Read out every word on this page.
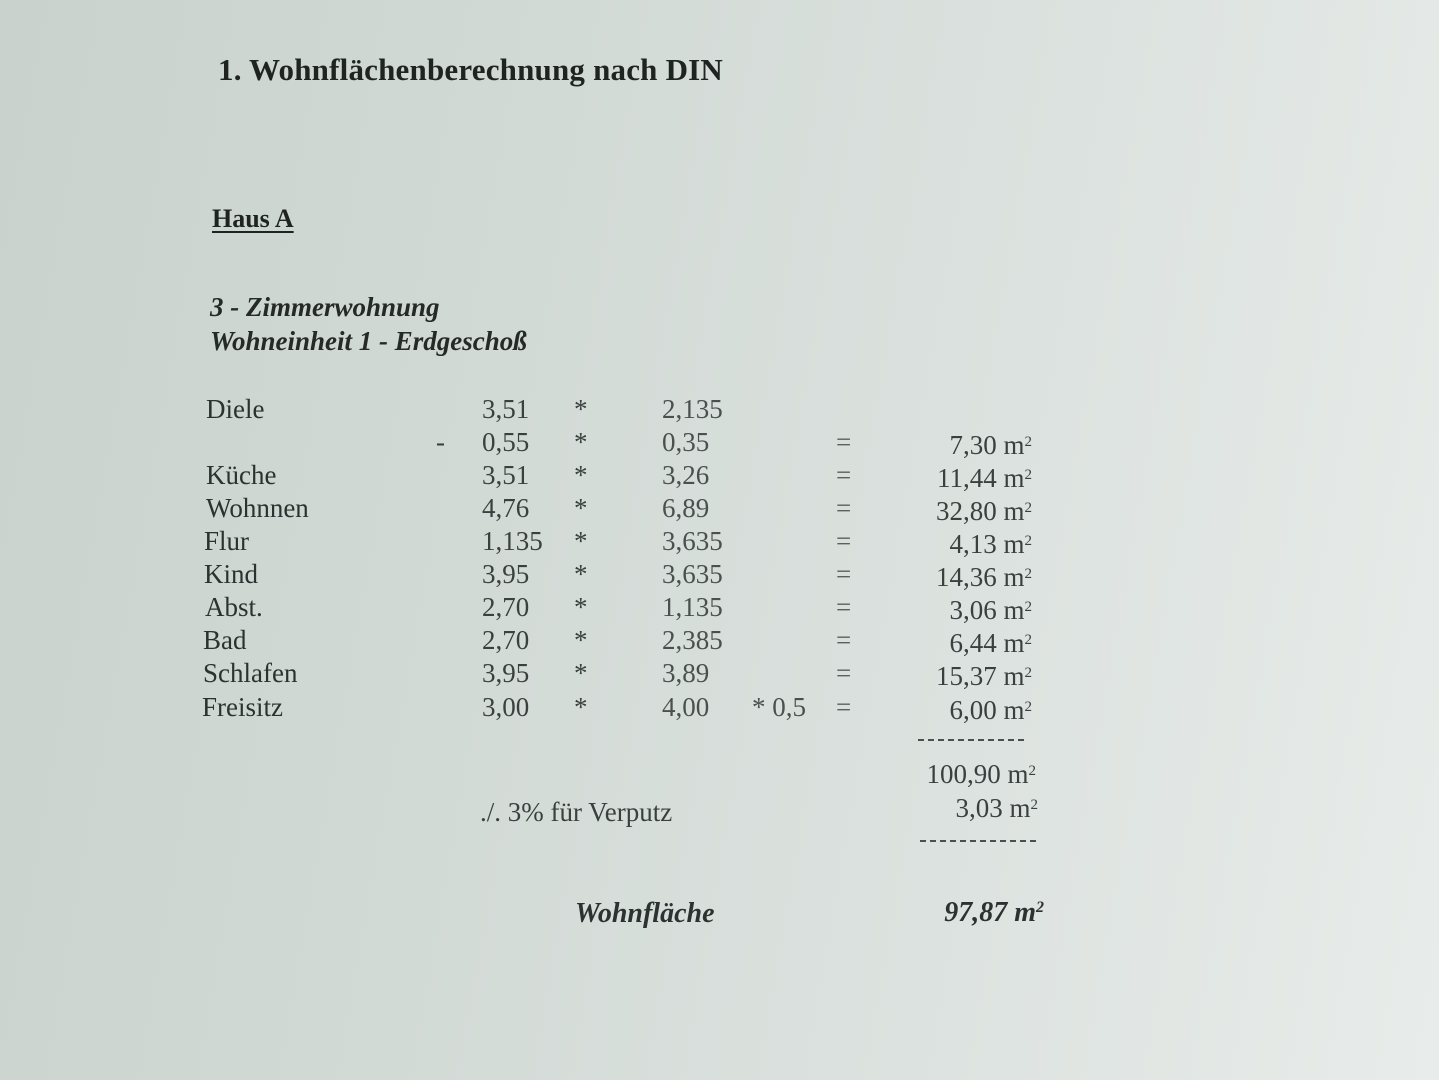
1. Wohnflächenberechnung nach DIN
Haus A
3 - Zimmerwohnung
Wohneinheit 1 - Erdgeschoß
Diele	3,51 *	2,135
- 0,55 *	0,35	=	7,30 $m^2$
Küche	3,51 *	3,26	=	11,44 $m^2$
Wohnnen	4,76 *	6,89	=	32,80 $m^2$
Flur	1,135 *	3,635	=	4,13 $m^2$
Kind	3,95 *	3,635	=	14,36 $m^2$
Abst.	2,70 *	1,135	=	3,06 $m^2$
Bad	2,70 *	2,385	=	6,44 $m^2$
Schlafen	3,95 *	3,89	=	15,37 $m^2$
Freisitz	3,00 *	4,00 * 0,5 =	6,00 $m^2$
100,90 $m^2$
./. 3% für Verputz	3,03 $m^2$
Wohnfläche	97,87 $m^2$
